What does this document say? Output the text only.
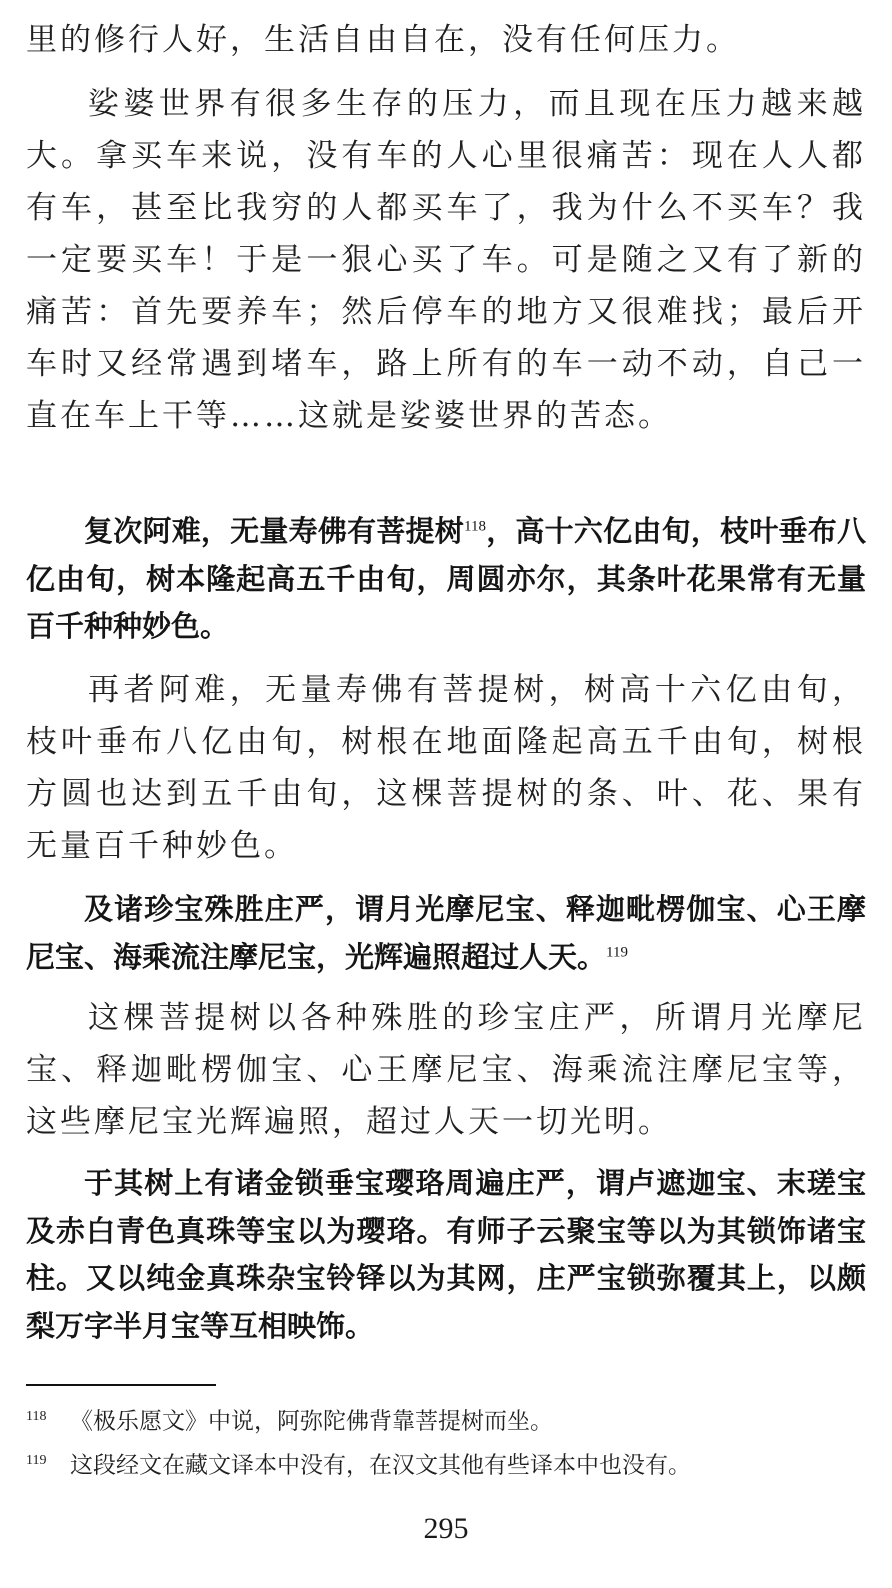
里的修行人好，生活自由自在，没有任何压力。

娑婆世界有很多生存的压力，而且现在压力越来越大。拿买车来说，没有车的人心里很痛苦：现在人人都有车，甚至比我穷的人都买车了，我为什么不买车？我一定要买车！于是一狠心买了车。可是随之又有了新的痛苦：首先要养车；然后停车的地方又很难找；最后开车时又经常遇到堵车，路上所有的车一动不动，自己一直在车上干等……这就是娑婆世界的苦态。

复次阿难，无量寿佛有菩提树$^{118}$，高十六亿由旬，枝叶垂布八亿由旬，树本隆起高五千由旬，周圆亦尔，其条叶花果常有无量百千种种妙色。

再者阿难，无量寿佛有菩提树，树高十六亿由旬，枝叶垂布八亿由旬，树根在地面隆起高五千由旬，树根方圆也达到五千由旬，这棵菩提树的条、叶、花、果有无量百千种妙色。

及诸珍宝殊胜庄严，谓月光摩尼宝、释迦毗楞伽宝、心王摩尼宝、海乘流注摩尼宝，光辉遍照超过人天。$^{119}$

这棵菩提树以各种殊胜的珍宝庄严，所谓月光摩尼宝、释迦毗楞伽宝、心王摩尼宝、海乘流注摩尼宝等，这些摩尼宝光辉遍照，超过人天一切光明。

于其树上有诸金锁垂宝璎珞周遍庄严，谓卢遮迦宝、末瑳宝及赤白青色真珠等宝以为璎珞。有师子云聚宝等以为其锁饰诸宝柱。又以纯金真珠杂宝铃铎以为其网，庄严宝锁弥覆其上，以颇梨万字半月宝等互相映饰。

118 《极乐愿文》中说，阿弥陀佛背靠菩提树而坐。
119 这段经文在藏文译本中没有，在汉文其他有些译本中也没有。
295
